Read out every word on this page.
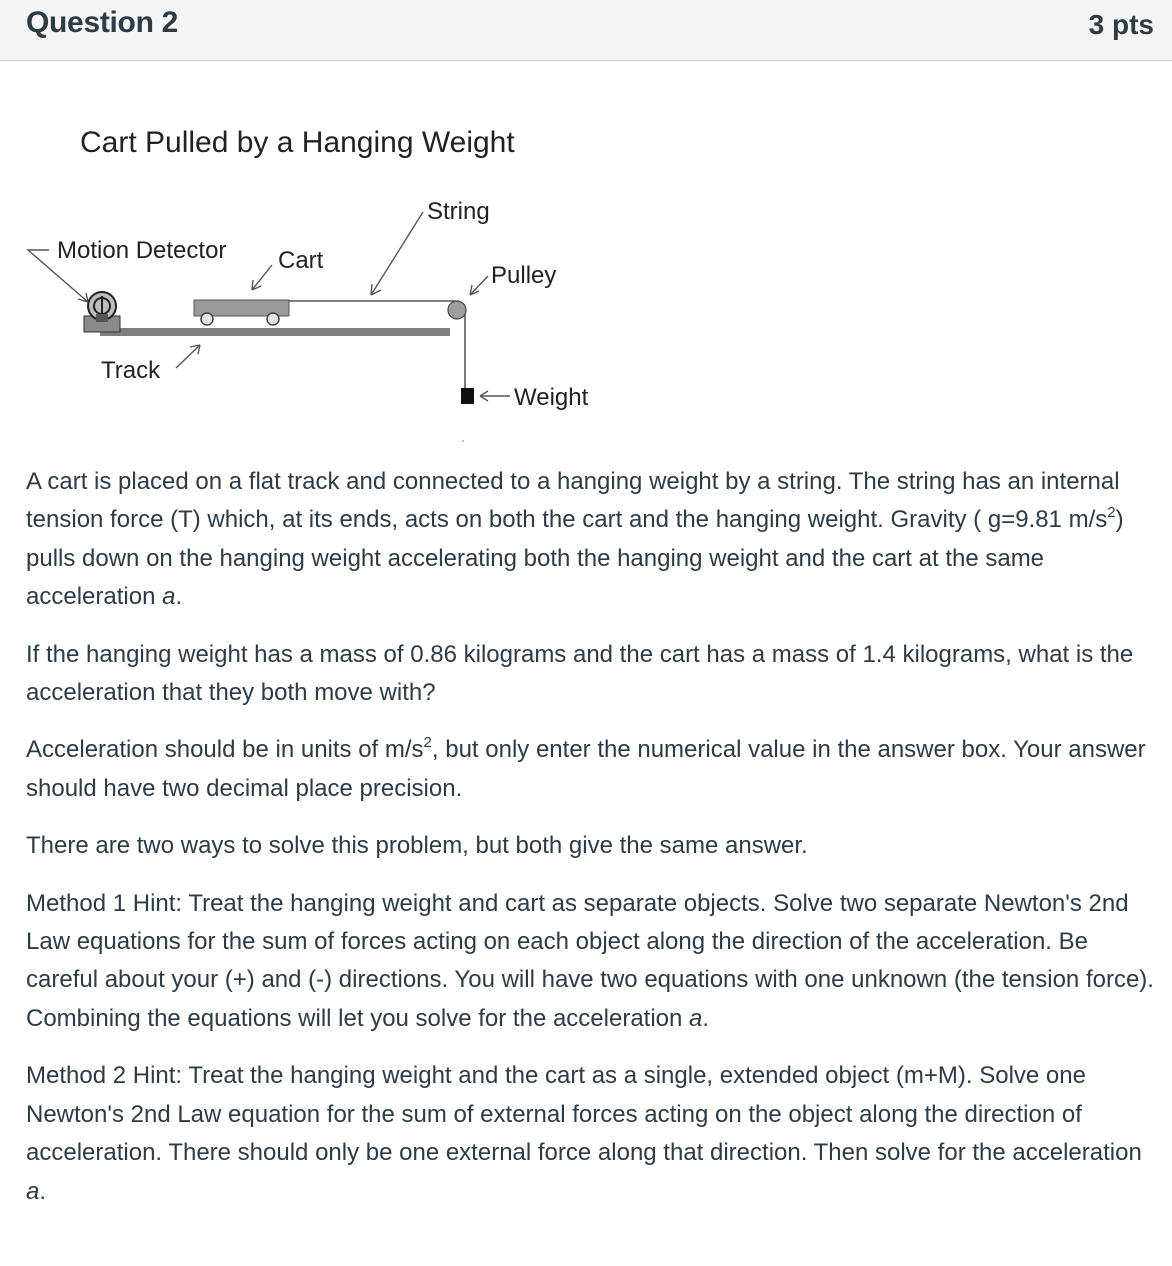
Question 2	3 pts
Cart Pulled by a Hanging Weight
String
Motion Detector Cart
Pulley
Track
Weight

A cart is placed on a flat track and connected to a hanging weight by a string. The string has an internal tension force (T) which, at its ends, acts on both the cart and the hanging weight. Gravity ( g=9.81 $m/s^2$) pulls down on the hanging weight accelerating both the hanging weight and the cart at the same acceleration a.

If the hanging weight has a mass of 0.86 kilograms and the cart has a mass of 1.4 kilograms, what is the acceleration that they both move with?

Acceleration should be in units of $m/s^2$, but only enter the numerical value in the answer box. Your answer should have two decimal place precision.

There are two ways to solve this problem, but both give the same answer.

Method 1 Hint: Treat the hanging weight and cart as separate objects. Solve two separate Newton's 2nd Law equations for the sum of forces acting on each object along the direction of the acceleration. Be careful about your (+) and (-) directions. You will have two equations with one unknown (the tension force). Combining the equations will let you solve for the acceleration a.

Method 2 Hint: Treat the hanging weight and the cart as a single, extended object (m+M). Solve one Newton's 2nd Law equation for the sum of external forces acting on the object along the direction of acceleration. There should only be one external force along that direction. Then solve for the acceleration a.
